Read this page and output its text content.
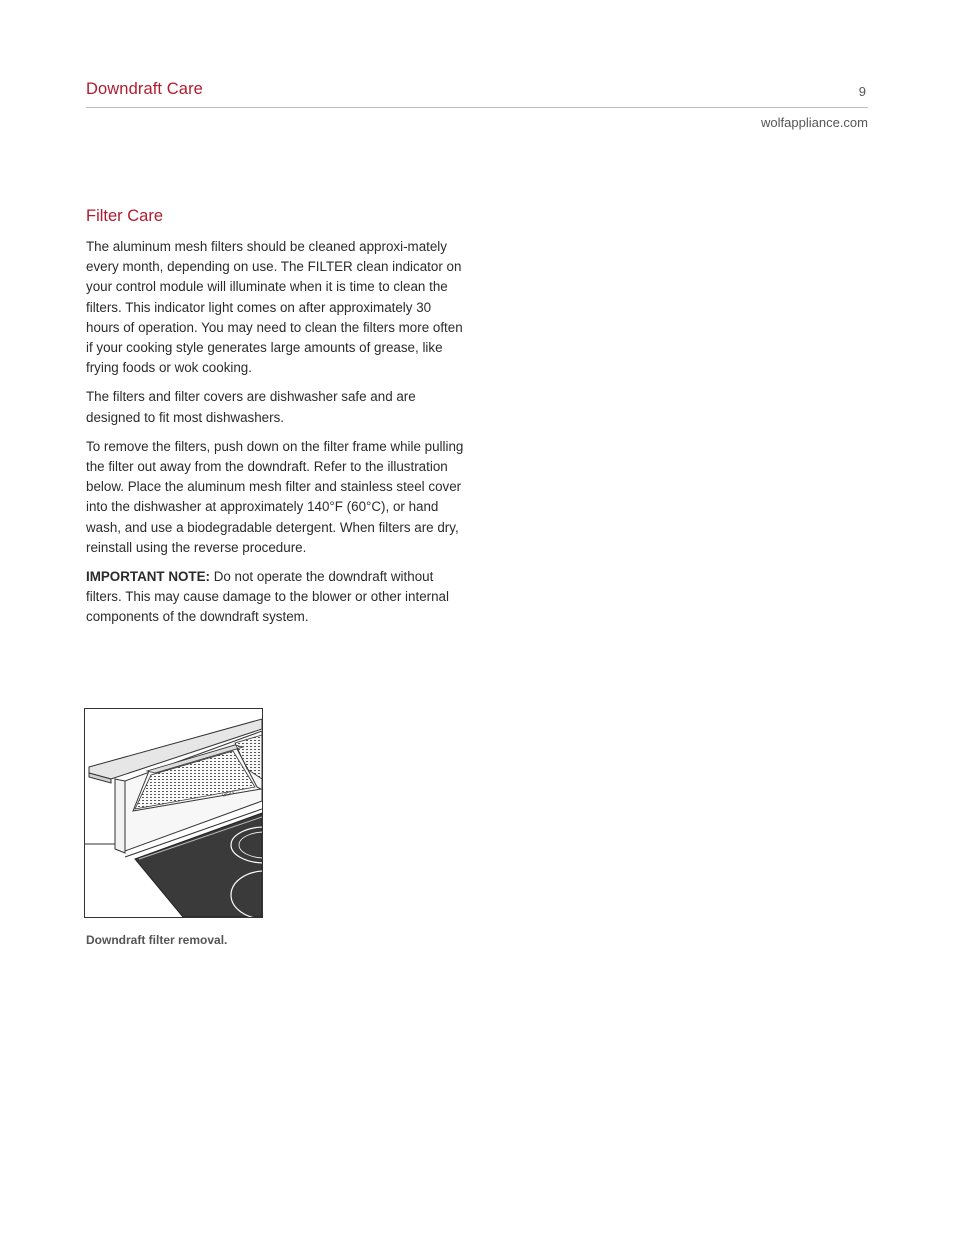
Downdraft Care	9
wolfappliance.com
Filter Care

The aluminum mesh filters should be cleaned approxi-mately every month, depending on use. The FILTER clean indicator on your control module will illuminate when it is time to clean the filters. This indicator light comes on after approximately 30 hours of operation. You may need to clean the filters more often if your cooking style generates large amounts of grease, like frying foods or wok cooking.

The filters and filter covers are dishwasher safe and are designed to fit most dishwashers.

To remove the filters, push down on the filter frame while pulling the filter out away from the downdraft. Refer to the illustration below. Place the aluminum mesh filter and stainless steel cover into the dishwasher at approximately 140°F (60°C), or hand wash, and use a biodegradable detergent. When filters are dry, reinstall using the reverse procedure.

IMPORTANT NOTE: Do not operate the downdraft without filters. This may cause damage to the blower or other internal components of the downdraft system.

WOLF
Downdraft filter removal.
